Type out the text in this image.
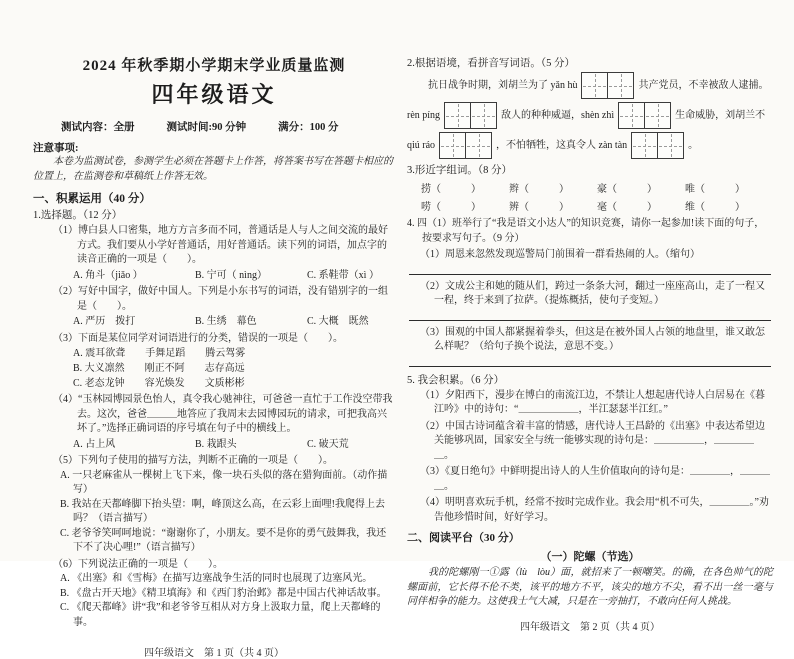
2024 年秋季期小学期末学业质量监测
四年级语文
测试内容：全册	测试时间:90 分钟	满分：100 分
注意事项:
本卷为监测试卷，参测学生必须在答题卡上作答，将答案书写在答题卡相应的位置上，在监测卷和草稿纸上作答无效。
一、积累运用（40 分）
1.选择题。（12 分）
（1）博白县人口密集，地方方言多而不同，普通话是人与人之间交流的最好方式。我们要从小学好普通话，用好普通话。读下列的词语，加点字的读音正确的一项是（　　）。
A. 角斗（jiǎo ）	B. 宁可（ nìng）	C. 系鞋带（xì ）
（2）写好中国字，做好中国人。下列是小东书写的词语，没有错别字的一组是（　　）。
A. 严历　拨打	B. 生绣　幕色	C. 大概　既然
（3）下面是某位同学对词语进行的分类，错误的一项是（　　）。
A. 震耳欲聋　　手舞足蹈　　腾云驾雾
B. 大义凛然　　刚正不阿　　志存高远
C. 老态龙钟　　容光焕发　　文质彬彬
（4）“玉林园博园景色怡人，真令我心驰神往，可爸爸一直忙于工作没空带我去。这次，爸爸＿＿＿地答应了我周末去园博园玩的请求，可把我高兴坏了。”选择正确词语的序号填在句子中的横线上。
A. 占上风	B. 栽跟头	C. 破天荒
（5）下列句子使用的描写方法，判断不正确的一项是（　　）。
A. 一只老麻雀从一棵树上飞下来，像一块石头似的落在猎狗面前。（动作描写）
B. 我站在天都峰脚下抬头望：啊，峰顶这么高，在云彩上面哩!我爬得上去吗？（语言描写）
C. 老爷爷笑呵呵地说：“谢谢你了，小朋友。要不是你的勇气鼓舞我，我还下不了决心哩!”（语言描写）
（6）下列说法正确的一项是（　　）。
A. 《出塞》和《雪梅》在描写边塞战争生活的同时也展现了边塞风光。
B. 《盘古开天地》《精卫填海》和《西门豹治邺》都是中国古代神话故事。
C. 《爬天都峰》讲“我”和老爷爷互相从对方身上汲取力量，爬上天都峰的事。
四年级语文　第 1 页（共 4 页）
2.根据语境，看拼音写词语。（5 分）
抗日战争时期，刘胡兰为了 yǎn hù	共产党员，不幸被敌人逮捕。rèn píng	敌人的种种威逼，shèn zhì	生命威胁，刘胡兰不 qiú ráo	，不怕牺牲，这真令人 zàn tàn	。
3.形近字组词。（8 分）
捞（　　　）	辫（　　　）	豪（　　　）	唯（　　　）
唠（　　　）	辨（　　　）	毫（　　　）	维（　　　）
4. 四（1）班举行了“我是语文小达人”的知识竞赛，请你一起参加!读下面的句子，按要求写句子。（9 分）
（1）周恩来忽然发现巡警局门前围着一群看热闹的人。（缩句）
（2）文成公主和她的随从们，跨过一条条大河，翻过一座座高山，走了一程又一程，终于来到了拉萨。（提炼概括，使句子变短。）
（3）围观的中国人都紧握着拳头，但这是在被外国人占领的地盘里，谁又敢怎么样呢？（给句子换个说法，意思不变。）
5. 我会积累。（6 分）
（1）夕阳西下，漫步在博白的南流江边，不禁让人想起唐代诗人白居易在《暮江吟》中的诗句：“＿＿＿＿＿＿，半江瑟瑟半江红。”
（2）中国古诗词蕴含着丰富的情感，唐代诗人王昌龄的《出塞》中表达希望边关能够巩固，国家安全与统一能够实现的诗句是：＿＿＿＿＿，＿＿＿＿＿。
（3）《夏日绝句》中鲜明提出诗人的人生价值取向的诗句是：＿＿＿＿，＿＿＿＿。
（4）明明喜欢玩手机，经常不按时完成作业。我会用“机不可失，＿＿＿＿。”劝告他珍惜时间，好好学习。
二、阅读平台（30 分）
（一）陀螺（节选）
我的陀螺刚一①露（lù　lòu）面，就招来了一顿嘲笑。的确，在各色帅气的陀螺面前，它长得不伦不类，该平的地方不平，该尖的地方不尖，看不出一丝一毫与同伴相争的能力。这使我士气大减，只是在一旁抽打，不敢向任何人挑战。
四年级语文　第 2 页（共 4 页）
